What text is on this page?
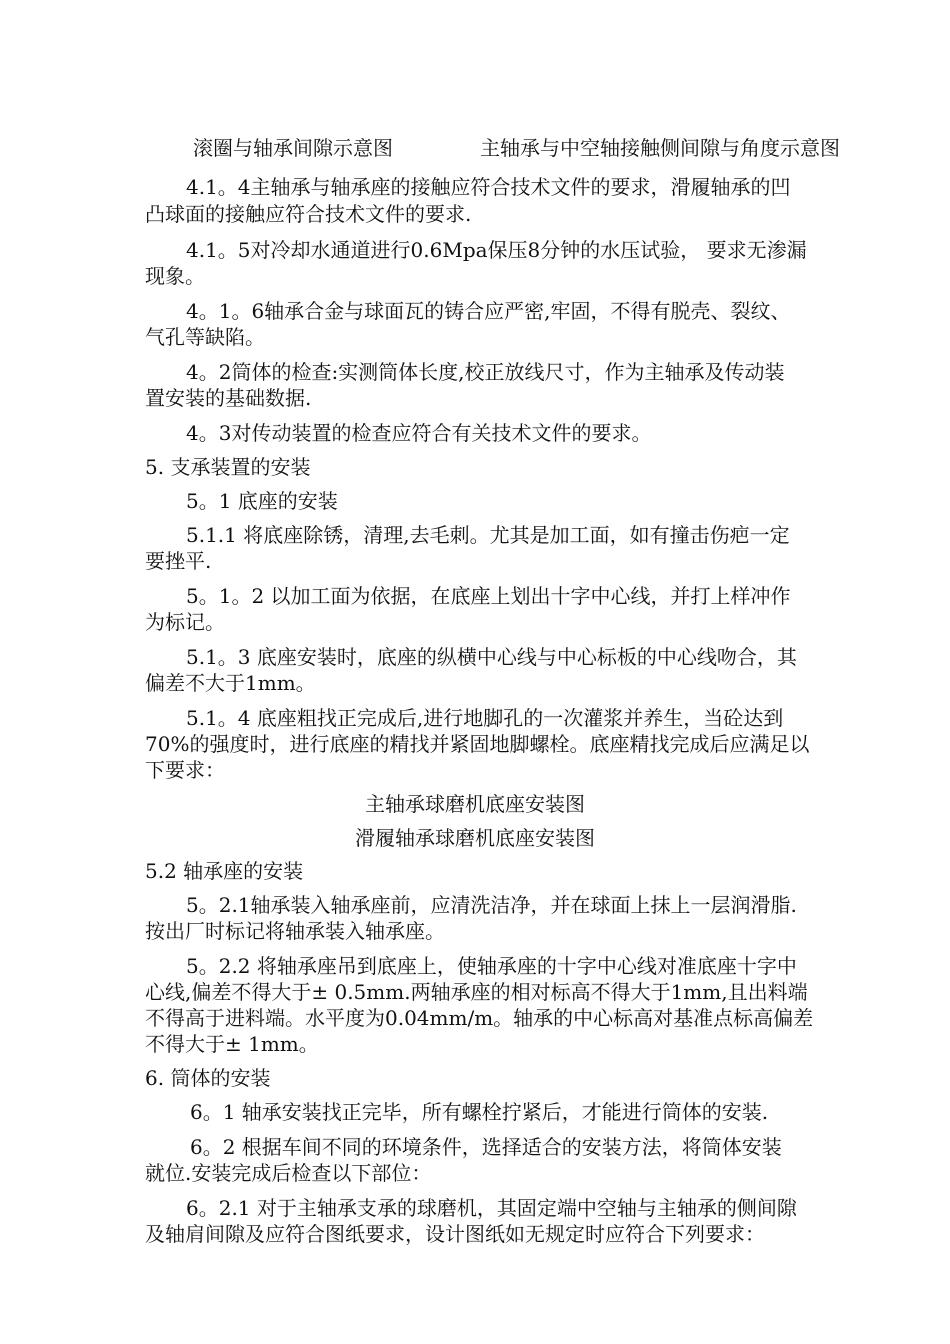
滚圈与轴承间隙示意图	主轴承与中空轴接触侧间隙与角度示意图
4.1。4主轴承与轴承座的接触应符合技术文件的要求，滑履轴承的凹
凸球面的接触应符合技术文件的要求.
4.1。5对冷却水通道进行0.6Mpa保压8分钟的水压试验， 要求无渗漏
现象。
4。1。6轴承合金与球面瓦的铸合应严密,牢固，不得有脱壳、裂纹、
气孔等缺陷。
4。2筒体的检查:实测筒体长度,校正放线尺寸，作为主轴承及传动装
置安装的基础数据.
4。3对传动装置的检查应符合有关技术文件的要求。
5. 支承装置的安装
5。1 底座的安装
5.1.1 将底座除锈，清理,去毛刺。尤其是加工面，如有撞击伤疤一定
要挫平.
5。1。2 以加工面为依据，在底座上划出十字中心线，并打上样冲作
为标记。
5.1。3 底座安装时，底座的纵横中心线与中心标板的中心线吻合，其
偏差不大于1mm。
5.1。4 底座粗找正完成后,进行地脚孔的一次灌浆并养生，当砼达到
70%的强度时，进行底座的精找并紧固地脚螺栓。底座精找完成后应满足以
下要求：
主轴承球磨机底座安装图
滑履轴承球磨机底座安装图
5.2 轴承座的安装
5。2.1轴承装入轴承座前，应清洗洁净，并在球面上抹上一层润滑脂.
按出厂时标记将轴承装入轴承座。
5。2.2 将轴承座吊到底座上，使轴承座的十字中心线对准底座十字中
心线,偏差不得大于± 0.5mm.两轴承座的相对标高不得大于1mm,且出料端
不得高于进料端。水平度为0.04mm/m。轴承的中心标高对基准点标高偏差
不得大于± 1mm。
6. 筒体的安装
6。1 轴承安装找正完毕，所有螺栓拧紧后，才能进行筒体的安装.
6。2 根据车间不同的环境条件，选择适合的安装方法，将筒体安装
就位.安装完成后检查以下部位：
6。2.1 对于主轴承支承的球磨机，其固定端中空轴与主轴承的侧间隙
及轴肩间隙及应符合图纸要求，设计图纸如无规定时应符合下列要求：
